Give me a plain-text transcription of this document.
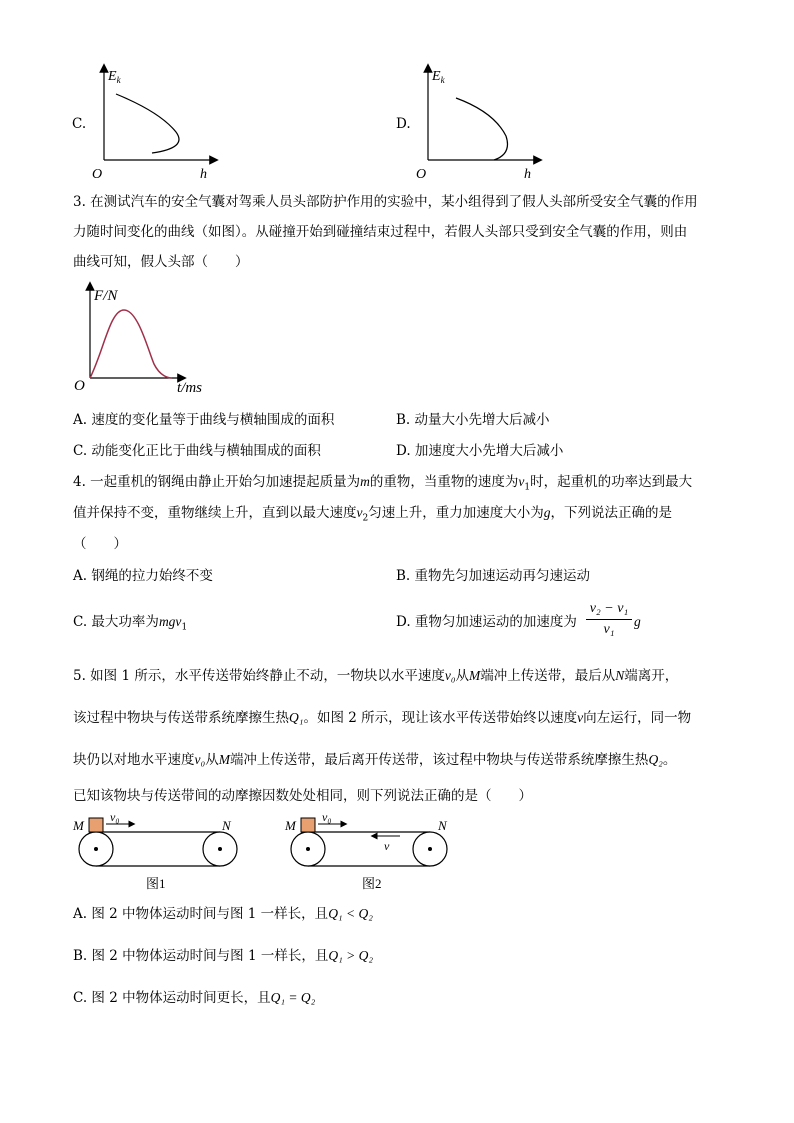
C.
$E_k$
O	h
D.
$E_k$
O	h
3. 在测试汽车的安全气囊对驾乘人员头部防护作用的实验中，某小组得到了假人头部所受安全气囊的作用
力随时间变化的曲线（如图）。从碰撞开始到碰撞结束过程中，若假人头部只受到安全气囊的作用，则由
曲线可知，假人头部（　　）
F/N
O	t/ms
A. 速度的变化量等于曲线与横轴围成的面积	B. 动量大小先增大后减小
C. 动能变化正比于曲线与横轴围成的面积	D. 加速度大小先增大后减小
4. 一起重机的钢绳由静止开始匀加速提起质量为m的重物，当重物的速度为$v_1$时，起重机的功率达到最大
值并保持不变，重物继续上升，直到以最大速度$v_2$匀速上升，重力加速度大小为g，下列说法正确的是
（　　）
A. 钢绳的拉力始终不变	B. 重物先匀加速运动再匀速运动
C. 最大功率为mgv$_1$	D. 重物匀加速运动的加速度为
v₂ − v₁
v₁
g
5. 如图 1 所示，水平传送带始终静止不动，一物块以水平速度v₀从M端冲上传送带，最后从N端离开，
该过程中物块与传送带系统摩擦生热Q₁。如图 2 所示，现让该水平传送带始终以速度v向左运行，同一物
块仍以对地水平速度v₀从M端冲上传送带，最后离开传送带，该过程中物块与传送带系统摩擦生热Q₂。
已知该物块与传送带间的动摩擦因数处处相同，则下列说法正确的是（　　）
M	N
v₀
图1
M	N
v₀
v
图2
A. 图 2 中物体运动时间与图 1 一样长，且Q₁ < Q₂
B. 图 2 中物体运动时间与图 1 一样长，且Q₁ > Q₂
C. 图 2 中物体运动时间更长，且Q₁ = Q₂
